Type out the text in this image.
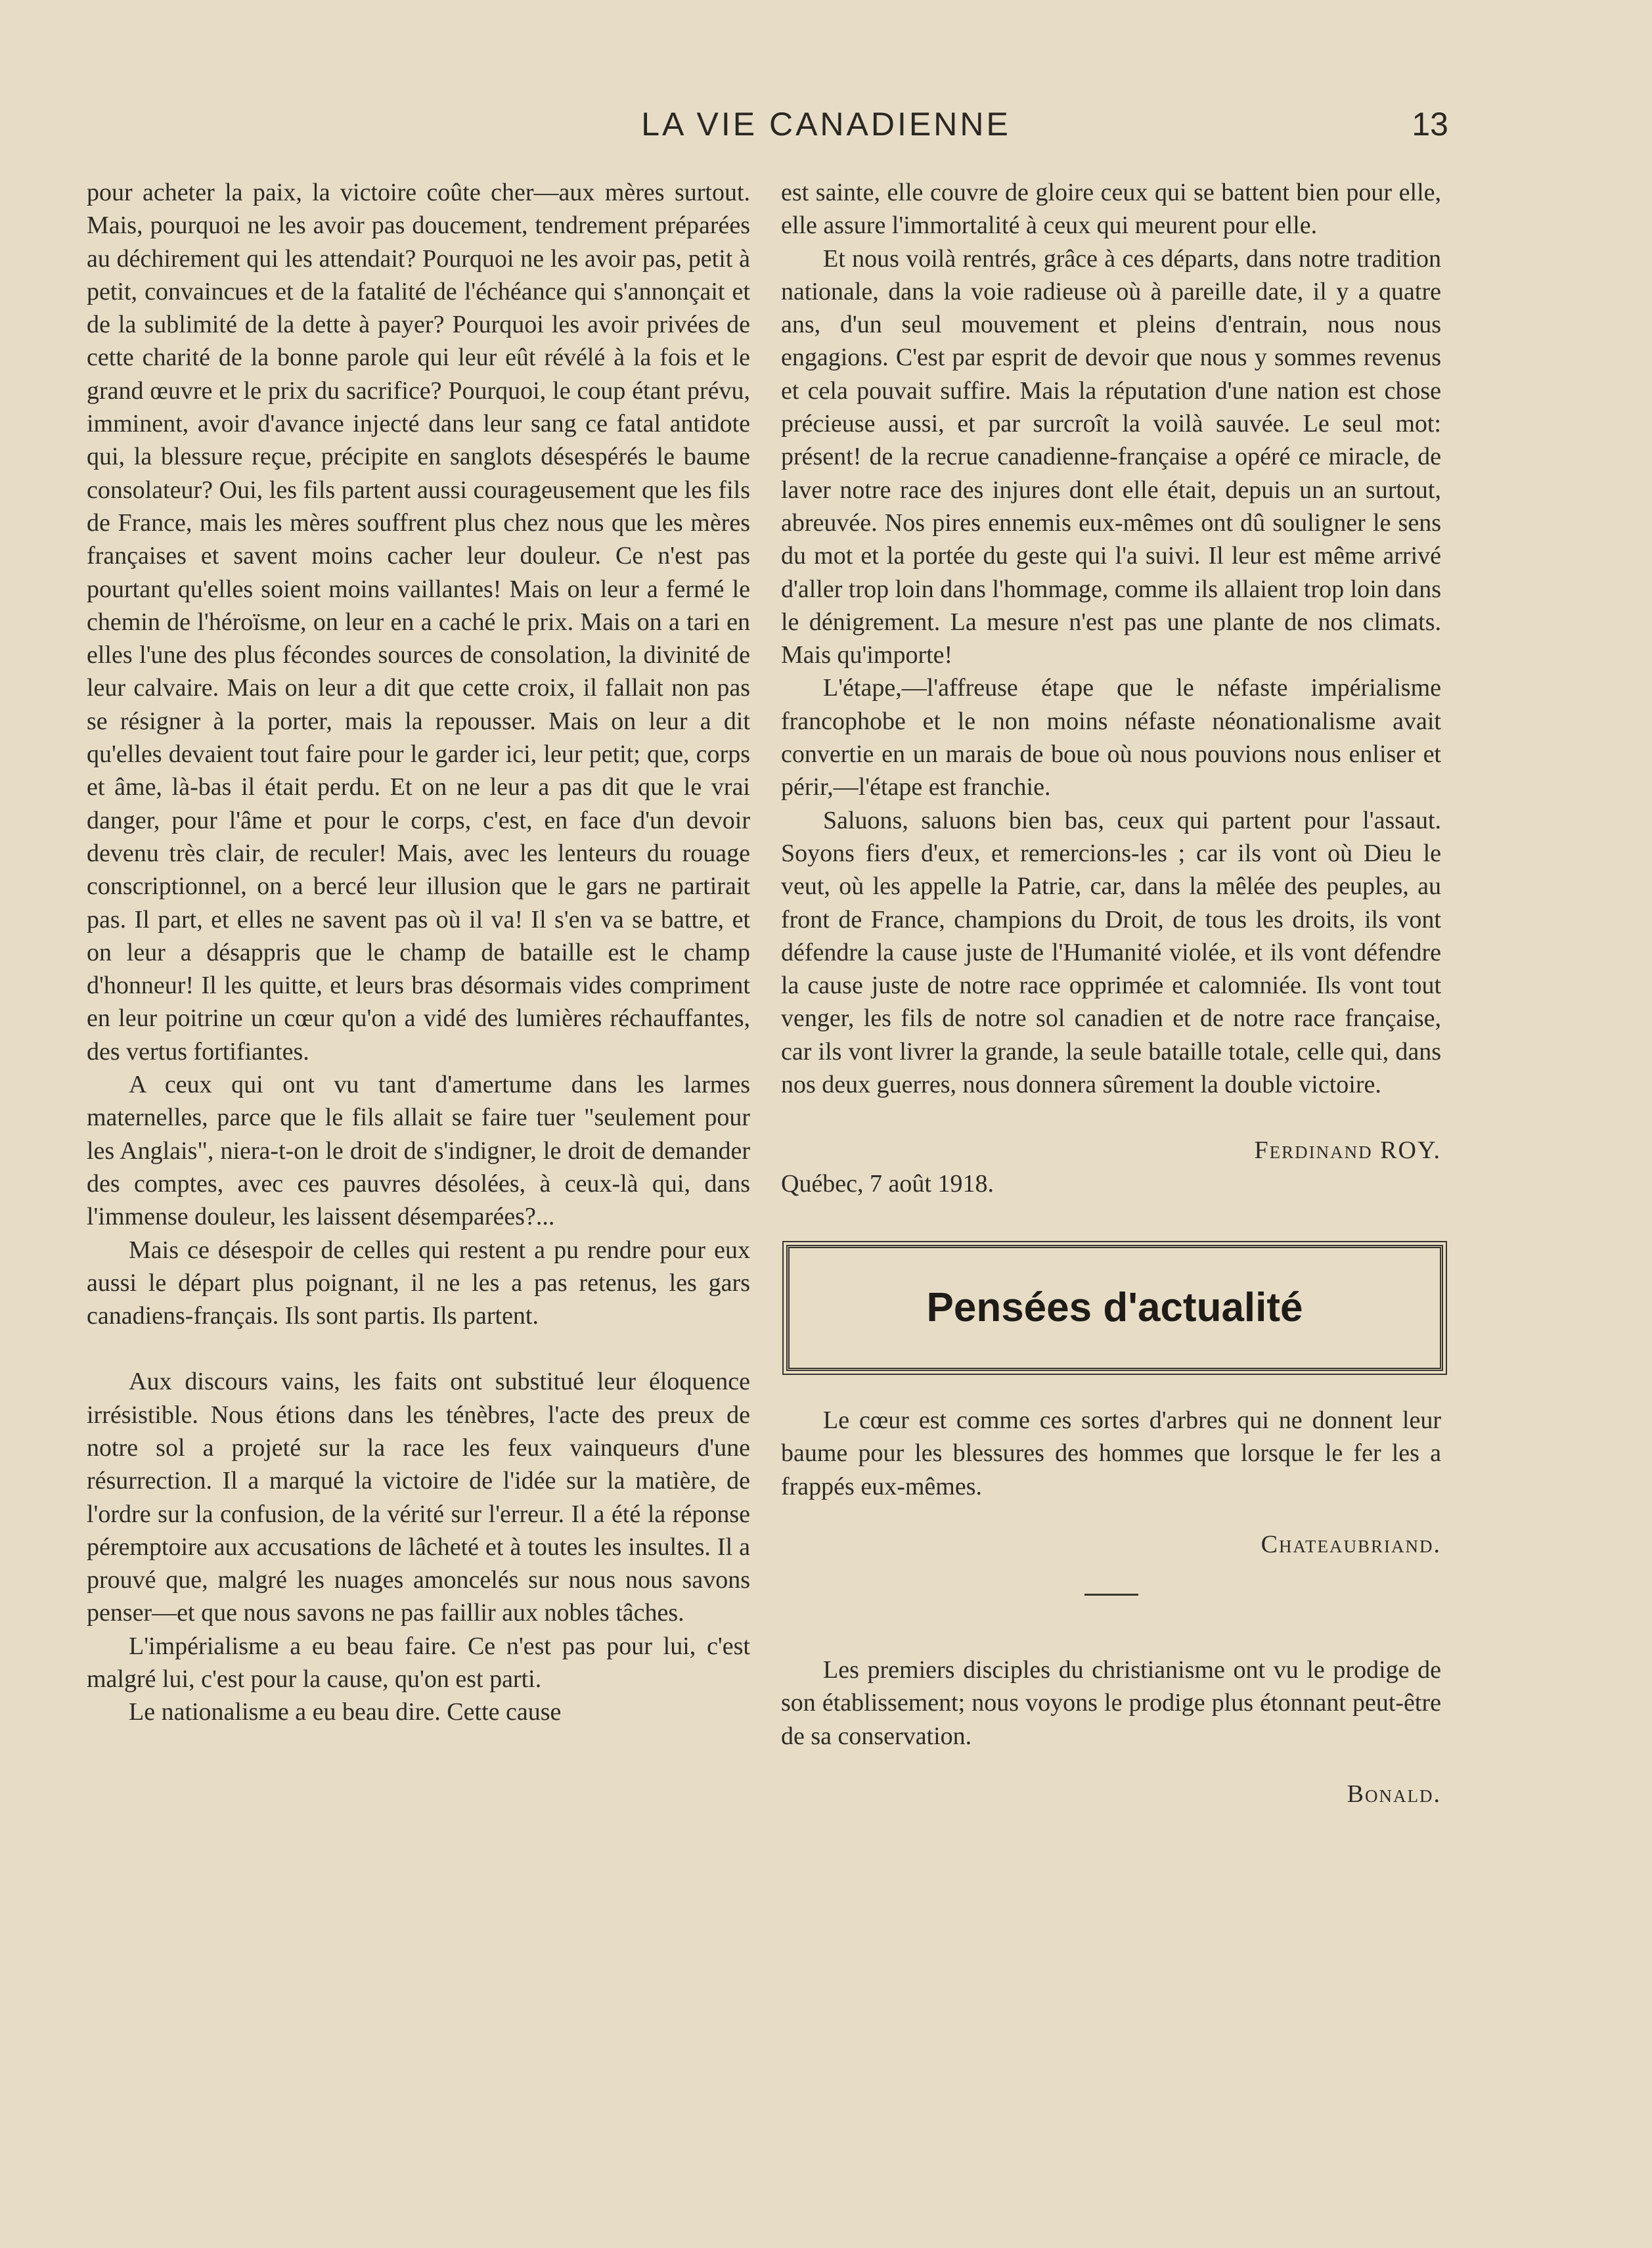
LA VIE CANADIENNE	13

pour acheter la paix, la victoire coûte cher—aux mères surtout. Mais, pourquoi ne les avoir pas doucement, tendrement préparées au déchirement qui les attendait? Pourquoi ne les avoir pas, petit à petit, convaincues et de la fatalité de l'échéance qui s'annonçait et de la sublimité de la dette à payer? Pourquoi les avoir privées de cette charité de la bonne parole qui leur eût révélé à la fois et le grand œuvre et le prix du sacrifice? Pourquoi, le coup étant prévu, imminent, avoir d'avance injecté dans leur sang ce fatal antidote qui, la blessure reçue, précipite en sanglots désespérés le baume consolateur? Oui, les fils partent aussi courageusement que les fils de France, mais les mères souffrent plus chez nous que les mères françaises et savent moins cacher leur douleur. Ce n'est pas pourtant qu'elles soient moins vaillantes! Mais on leur a fermé le chemin de l'héroïsme, on leur en a caché le prix. Mais on a tari en elles l'une des plus fécondes sources de consolation, la divinité de leur calvaire. Mais on leur a dit que cette croix, il fallait non pas se résigner à la porter, mais la repousser. Mais on leur a dit qu'elles devaient tout faire pour le garder ici, leur petit; que, corps et âme, là-bas il était perdu. Et on ne leur a pas dit que le vrai danger, pour l'âme et pour le corps, c'est, en face d'un devoir devenu très clair, de reculer! Mais, avec les lenteurs du rouage conscriptionnel, on a bercé leur illusion que le gars ne partirait pas. Il part, et elles ne savent pas où il va! Il s'en va se battre, et on leur a désappris que le champ de bataille est le champ d'honneur! Il les quitte, et leurs bras désormais vides compriment en leur poitrine un cœur qu'on a vidé des lumières réchauffantes, des vertus fortifiantes.

A ceux qui ont vu tant d'amertume dans les larmes maternelles, parce que le fils allait se faire tuer "seulement pour les Anglais", niera-t-on le droit de s'indigner, le droit de demander des comptes, avec ces pauvres désolées, à ceux-là qui, dans l'immense douleur, les laissent désemparées?...

Mais ce désespoir de celles qui restent a pu rendre pour eux aussi le départ plus poignant, il ne les a pas retenus, les gars canadiens-français. Ils sont partis. Ils partent.

Aux discours vains, les faits ont substitué leur éloquence irrésistible. Nous étions dans les ténèbres, l'acte des preux de notre sol a projeté sur la race les feux vainqueurs d'une résurrection. Il a marqué la victoire de l'idée sur la matière, de l'ordre sur la confusion, de la vérité sur l'erreur. Il a été la réponse péremptoire aux accusations de lâcheté et à toutes les insultes. Il a prouvé que, malgré les nuages amoncelés sur nous nous savons penser—et que nous savons ne pas faillir aux nobles tâches.

L'impérialisme a eu beau faire. Ce n'est pas pour lui, c'est malgré lui, c'est pour la cause, qu'on est parti.

Le nationalisme a eu beau dire. Cette cause

est sainte, elle couvre de gloire ceux qui se battent bien pour elle, elle assure l'immortalité à ceux qui meurent pour elle.

Et nous voilà rentrés, grâce à ces départs, dans notre tradition nationale, dans la voie radieuse où à pareille date, il y a quatre ans, d'un seul mouvement et pleins d'entrain, nous nous engagions. C'est par esprit de devoir que nous y sommes revenus et cela pouvait suffire. Mais la réputation d'une nation est chose précieuse aussi, et par surcroît la voilà sauvée. Le seul mot: présent! de la recrue canadienne-française a opéré ce miracle, de laver notre race des injures dont elle était, depuis un an surtout, abreuvée. Nos pires ennemis eux-mêmes ont dû souligner le sens du mot et la portée du geste qui l'a suivi. Il leur est même arrivé d'aller trop loin dans l'hommage, comme ils allaient trop loin dans le dénigrement. La mesure n'est pas une plante de nos climats. Mais qu'importe!

L'étape,—l'affreuse étape que le néfaste impérialisme francophobe et le non moins néfaste néonationalisme avait convertie en un marais de boue où nous pouvions nous enliser et périr,—l'étape est franchie.

Saluons, saluons bien bas, ceux qui partent pour l'assaut. Soyons fiers d'eux, et remercions-les ; car ils vont où Dieu le veut, où les appelle la Patrie, car, dans la mêlée des peuples, au front de France, champions du Droit, de tous les droits, ils vont défendre la cause juste de l'Humanité violée, et ils vont défendre la cause juste de notre race opprimée et calomniée. Ils vont tout venger, les fils de notre sol canadien et de notre race française, car ils vont livrer la grande, la seule bataille totale, celle qui, dans nos deux guerres, nous donnera sûrement la double victoire.

Ferdinand ROY.

Québec, 7 août 1918.

Pensées d'actualité

Le cœur est comme ces sortes d'arbres qui ne donnent leur baume pour les blessures des hommes que lorsque le fer les a frappés eux-mêmes.

Chateaubriand.

Les premiers disciples du christianisme ont vu le prodige de son établissement; nous voyons le prodige plus étonnant peut-être de sa conservation.

Bonald.
